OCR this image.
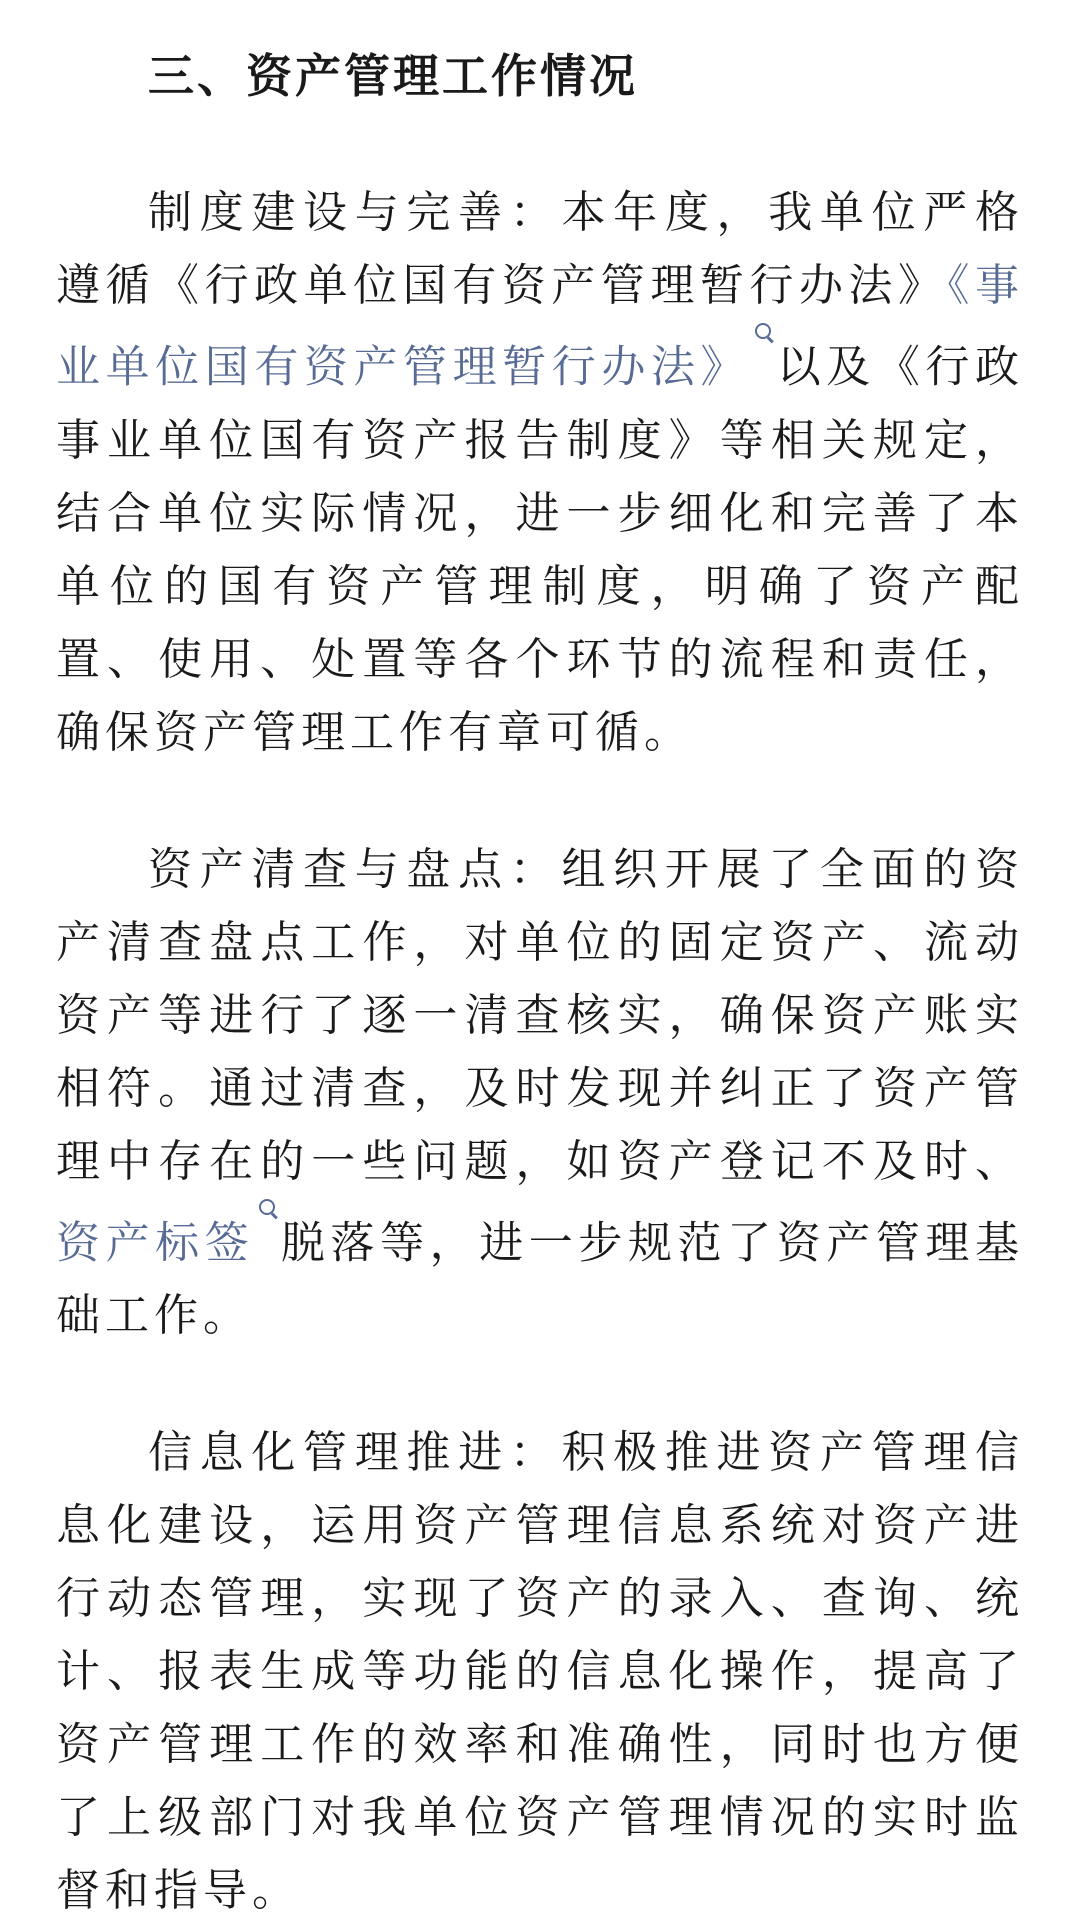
三、资产管理工作情况

制度建设与完善：本年度，我单位严格遵循《行政单位国有资产管理暂行办法》《事业单位国有资产管理暂行办法》 以及《行政事业单位国有资产报告制度》等相关规定，结合单位实际情况，进一步细化和完善了本单位的国有资产管理制度，明确了资产配置、使用、处置等各个环节的流程和责任，确保资产管理工作有章可循。

资产清查与盘点：组织开展了全面的资产清查盘点工作，对单位的固定资产、流动资产等进行了逐一清查核实，确保资产账实相符。通过清查，及时发现并纠正了资产管理中存在的一些问题，如资产登记不及时、资产标签 脱落等，进一步规范了资产管理基础工作。

信息化管理推进：积极推进资产管理信息化建设，运用资产管理信息系统对资产进行动态管理，实现了资产的录入、查询、统计、报表生成等功能的信息化操作，提高了资产管理工作的效率和准确性，同时也方便了上级部门对我单位资产管理情况的实时监督和指导。
